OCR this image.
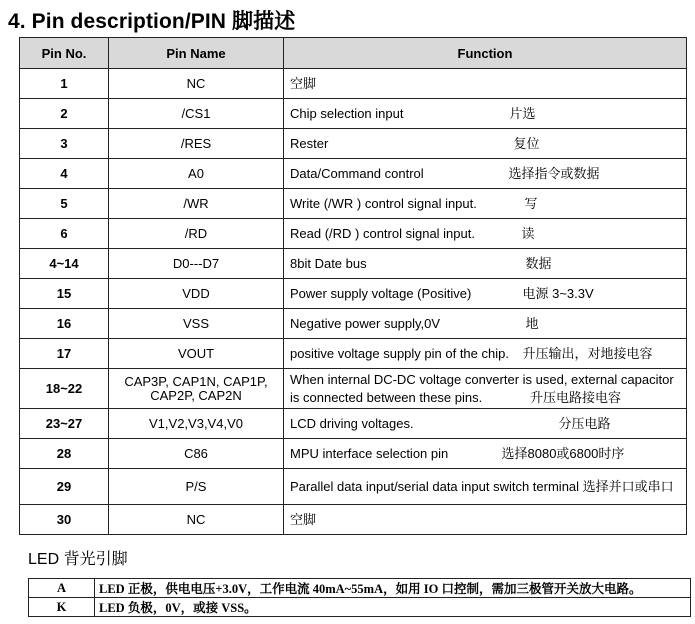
4. Pin description/PIN 脚描述
Pin No.	Pin Name	Function
1	NC	空脚
2	/CS1	Chip selection input 片选

3	/RES	Rester 复位

4	A0	Data/Command control 选择指令或数据

5	/WR	Write (/WR ) control signal input. 写

6	/RD	Read (/RD ) control signal input. 读

4~14	D0---D7	8bit Date bus 数据

15	VDD	Power supply voltage (Positive) 电源 3~3.3V

16	VSS	Negative power supply,0V 地

17	VOUT	positive voltage supply pin of the chip. 升压输出，对地接电容

18~22	CAP3P, CAP1N, CAP1P, CAP2P, CAP2N	When internal DC-DC voltage converter is used, external capacitor is connected between these pins. 升压电路接电容

23~27	V1,V2,V3,V4,V0	LCD driving voltages. 分压电路

28	C86	MPU interface selection pin 选择8080或6800时序

29	P/S	Parallel data input/serial data input switch terminal 选择并口或串口
30	NC	空脚
LED 背光引脚
A	LED 正极，供电电压+3.0V，工作电流 40mA~55mA，如用 IO 口控制，需加三极管开关放大电路。
K	LED 负极，0V，或接 VSS。
